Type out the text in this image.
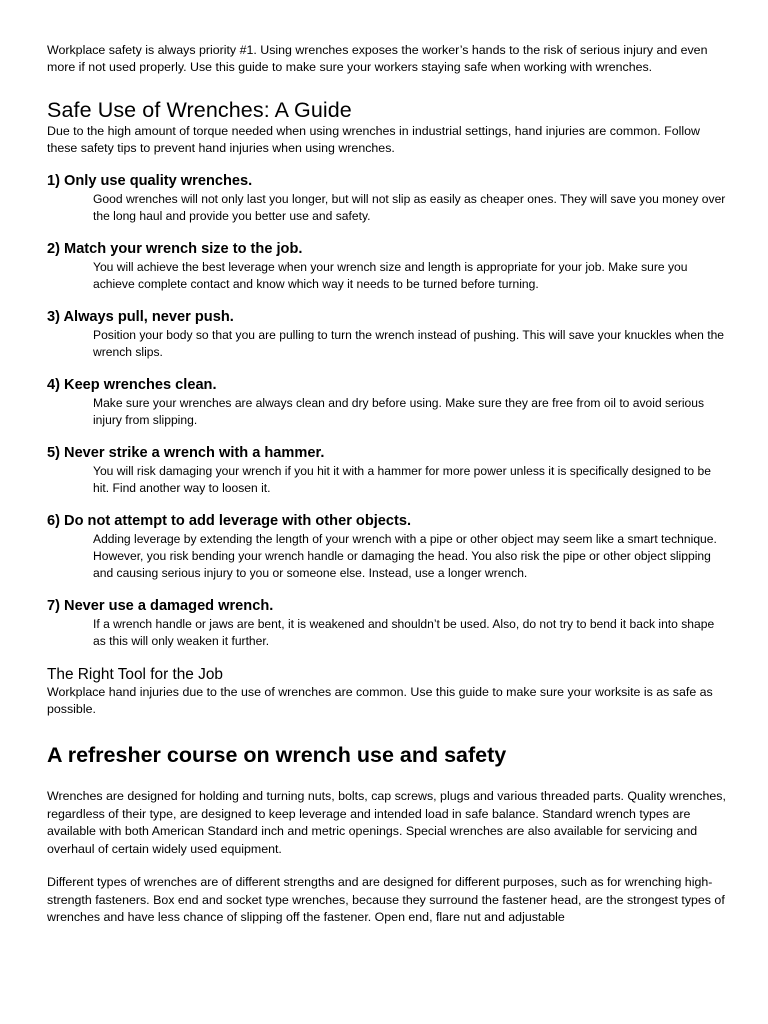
Workplace safety is always priority #1. Using wrenches exposes the worker’s hands to the risk of serious injury and even more if not used properly. Use this guide to make sure your workers staying safe when working with wrenches.

Safe Use of Wrenches: A Guide

Due to the high amount of torque needed when using wrenches in industrial settings, hand injuries are common. Follow these safety tips to prevent hand injuries when using wrenches.

1) Only use quality wrenches.

Good wrenches will not only last you longer, but will not slip as easily as cheaper ones. They will save you money over the long haul and provide you better use and safety.

2) Match your wrench size to the job.

You will achieve the best leverage when your wrench size and length is appropriate for your job. Make sure you achieve complete contact and know which way it needs to be turned before turning.

3) Always pull, never push.

Position your body so that you are pulling to turn the wrench instead of pushing. This will save your knuckles when the wrench slips.

4) Keep wrenches clean.

Make sure your wrenches are always clean and dry before using. Make sure they are free from oil to avoid serious injury from slipping.

5) Never strike a wrench with a hammer.

You will risk damaging your wrench if you hit it with a hammer for more power unless it is specifically designed to be hit. Find another way to loosen it.

6) Do not attempt to add leverage with other objects.

Adding leverage by extending the length of your wrench with a pipe or other object may seem like a smart technique. However, you risk bending your wrench handle or damaging the head. You also risk the pipe or other object slipping and causing serious injury to you or someone else. Instead, use a longer wrench.

7) Never use a damaged wrench.

If a wrench handle or jaws are bent, it is weakened and shouldn’t be used. Also, do not try to bend it back into shape as this will only weaken it further.

The Right Tool for the Job

Workplace hand injuries due to the use of wrenches are common. Use this guide to make sure your worksite is as safe as possible.

A refresher course on wrench use and safety

Wrenches are designed for holding and turning nuts, bolts, cap screws, plugs and various threaded parts. Quality wrenches, regardless of their type, are designed to keep leverage and intended load in safe balance. Standard wrench types are available with both American Standard inch and metric openings. Special wrenches are also available for servicing and overhaul of certain widely used equipment.

Different types of wrenches are of different strengths and are designed for different purposes, such as for wrenching high-strength fasteners. Box end and socket type wrenches, because they surround the fastener head, are the strongest types of wrenches and have less chance of slipping off the fastener. Open end, flare nut and adjustable
